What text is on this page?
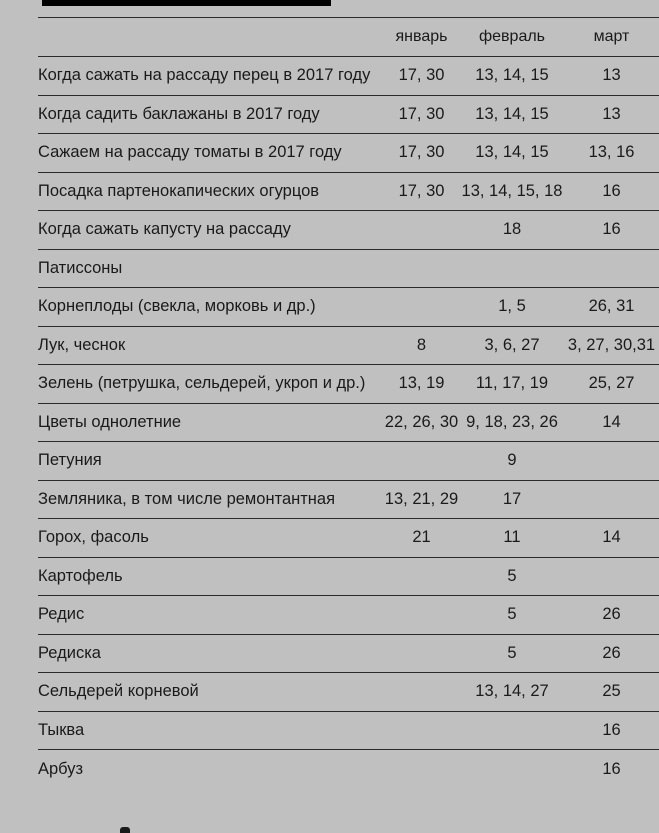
	январь	февраль	март
Когда сажать на рассаду перец в 2017 году	17, 30	13, 14, 15	13
Когда садить баклажаны в 2017 году	17, 30	13, 14, 15	13
Сажаем на рассаду томаты в 2017 году	17, 30	13, 14, 15	13, 16
Посадка партенокапических огурцов	17, 30	13, 14, 15, 18	16
Когда сажать капусту на рассаду		18	16
Патиссоны			
Корнеплоды (свекла, морковь и др.)		1, 5	26, 31
Лук, чеснок	8	3, 6, 27	3, 27, 30,31
Зелень (петрушка, сельдерей, укроп и др.)	13, 19	11, 17, 19	25, 27
Цветы однолетние	22, 26, 30	9, 18, 23, 26	14
Петуния		9	
Земляника, в том числе ремонтантная	13, 21, 29	17	
Горох, фасоль	21	11	14
Картофель		5	
Редис		5	26
Редиска		5	26
Сельдерей корневой		13, 14, 27	25
Тыква			16
Арбуз			16
